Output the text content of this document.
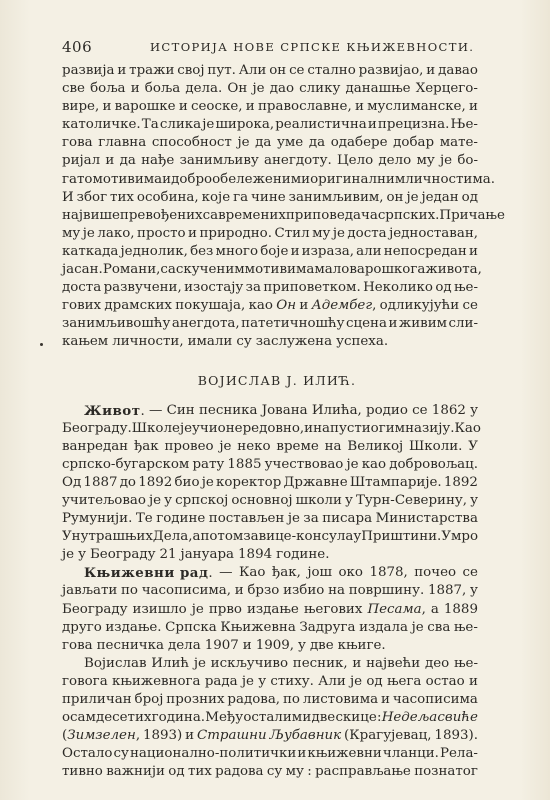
406	ИСТОРИЈА НОВЕ СРПСКЕ КЊИЖЕВНОСТИ.
развија и тражи свој пут. Али он се стално развијао, и давао
све боља и боља дела. Он је дао слику данашње Херцего-
вире, и варошке и сеоске, и православне, и муслиманске, и
католичке. Та слика је широка, реалистична и прецизна. Ње-
гова главна способност је да уме да одабере добар мате-
ријал и да нађе занимљиву анегдоту. Цело дело му је бо-
гато мотивима и добро обележеним и оригиналним личностима.
И због тих особина, које га чине занимљивим, он је један од
највише превођених савремених приповедача српских. Причање
му је лако, просто и природно. Стил му је доста једноставан,
каткада једнолик, без много боје и израза, али непосредан и
јасан. Романи, са скученим мотивима маловарошкога живота,
доста развучени, изостају за приповетком. Неколико од ње-
гових драмских покушаја, као Он и Адембег, одликујући се
занимљивошћу анегдота, патетичношћу сцена и живим сли-
кањем личности, имали су заслужена успеха.
ВОЈИСЛАВ Ј. ИЛИЋ.
Живот. — Син песника Јована Илића, родио се 1862 у
Београду. Школе је учио нередовно, и напустио гимназију. Као
ванредан ђак провео је неко време на Великој Школи. У
српско-бугарском рату 1885 учествовао је као добровољац.
Од 1887 до 1892 био је коректор Државне Штампарије. 1892
учитељовао је у српској основној школи у Турн-Северину, у
Румунији. Те године постављен је за писара Министарства
Унутрашњих Дела, а потом за вице-консула у Приштини. Умро
је у Београду 21 јануара 1894 године.
Књижевни рад. — Као ђак, још око 1878, почео се
јављати по часописима, и брзо избио на површину. 1887, у
Београду изишло је прво издање његових Песама, а 1889
друго издање. Српска Књижевна Задруга издала је сва ње-
гова песничка дела 1907 и 1909, у две књиге.
Војислав Илић је искључиво песник, и највећи део ње-
говога књижевнога рада је у стиху. Али је од њега остао и
приличан број прозних радова, по листовима и часописима
осамдесетих година. Међу осталим и две скице : Недеља свиће
(Зимзелен, 1893) и Страшни Љубавник (Крагујевац, 1893).
Остало су национално-политички и књижевни чланци. Рела-
тивно важнији од тих радова су му : расправљање познатог
